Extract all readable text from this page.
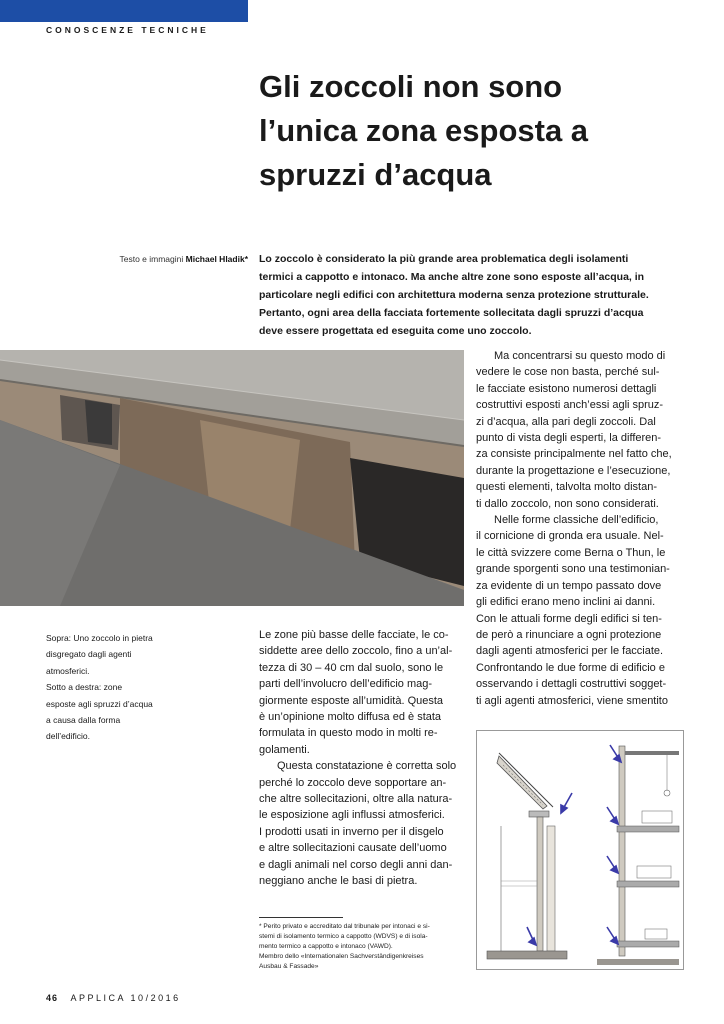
CONOSCENZE TECNICHE
Gli zoccoli non sono
l’unica zona esposta a
spruzzi d’acqua
Testo e immagini Michael Hladik* Lo zoccolo è considerato la più grande area problematica degli isolamenti
termici a cappotto e intonaco. Ma anche altre zone sono esposte all’acqua, in
particolare negli edifici con architettura moderna senza protezione strutturale.
Pertanto, ogni area della facciata fortemente sollecitata dagli spruzzi d’acqua
deve essere progettata ed eseguita come uno zoccolo.
Sopra: Uno zoccolo in pietra
disgregato dagli agenti
atmosferici.
Sotto a destra: zone
esposte agli spruzzi d’acqua
a causa dalla forma
dell’edificio.
Ma concentrarsi su questo modo di
vedere le cose non basta, perché sul-
le facciate esistono numerosi dettagli
costruttivi esposti anch’essi agli spruz-
zi d’acqua, alla pari degli zoccoli. Dal
punto di vista degli esperti, la differen-
za consiste principalmente nel fatto che,
durante la progettazione e l’esecuzione,
questi elementi, talvolta molto distan-
ti dallo zoccolo, non sono considerati.
Nelle forme classiche dell’edificio,
il cornicione di gronda era usuale. Nel-
le città svizzere come Berna o Thun, le
grande sporgenti sono una testimonian-
za evidente di un tempo passato dove
gli edifici erano meno inclini ai danni.
Con le attuali forme degli edifici si ten-
de però a rinunciare a ogni protezione
dagli agenti atmosferici per le facciate.
Confrontando le due forme di edificio e
osservando i dettagli costruttivi sogget-
ti agli agenti atmosferici, viene smentito
Le zone più basse delle facciate, le co-
siddette aree dello zoccolo, fino a un’al-
tezza di 30 – 40 cm dal suolo, sono le
parti dell’involucro dell’edificio mag-
giormente esposte all’umidità. Questa
è un’opinione molto diffusa ed è stata
formulata in questo modo in molti re-
golamenti.
Questa constatazione è corretta solo
perché lo zoccolo deve sopportare an-
che altre sollecitazioni, oltre alla natura-
le esposizione agli influssi atmosferici.
I prodotti usati in inverno per il disgelo
e altre sollecitazioni causate dell’uomo
e dagli animali nel corso degli anni dan-
neggiano anche le basi di pietra.
* Perito privato e accreditato dal tribunale per intonaci e si-
stemi di isolamento termico a cappotto (WDVS) e di isola-
mento termico a cappotto e intonaco (VAWD).
Membro dello «Internationalen Sachverständigenkreises
Ausbau & Fassade»
46 APPLICA 10/2016
